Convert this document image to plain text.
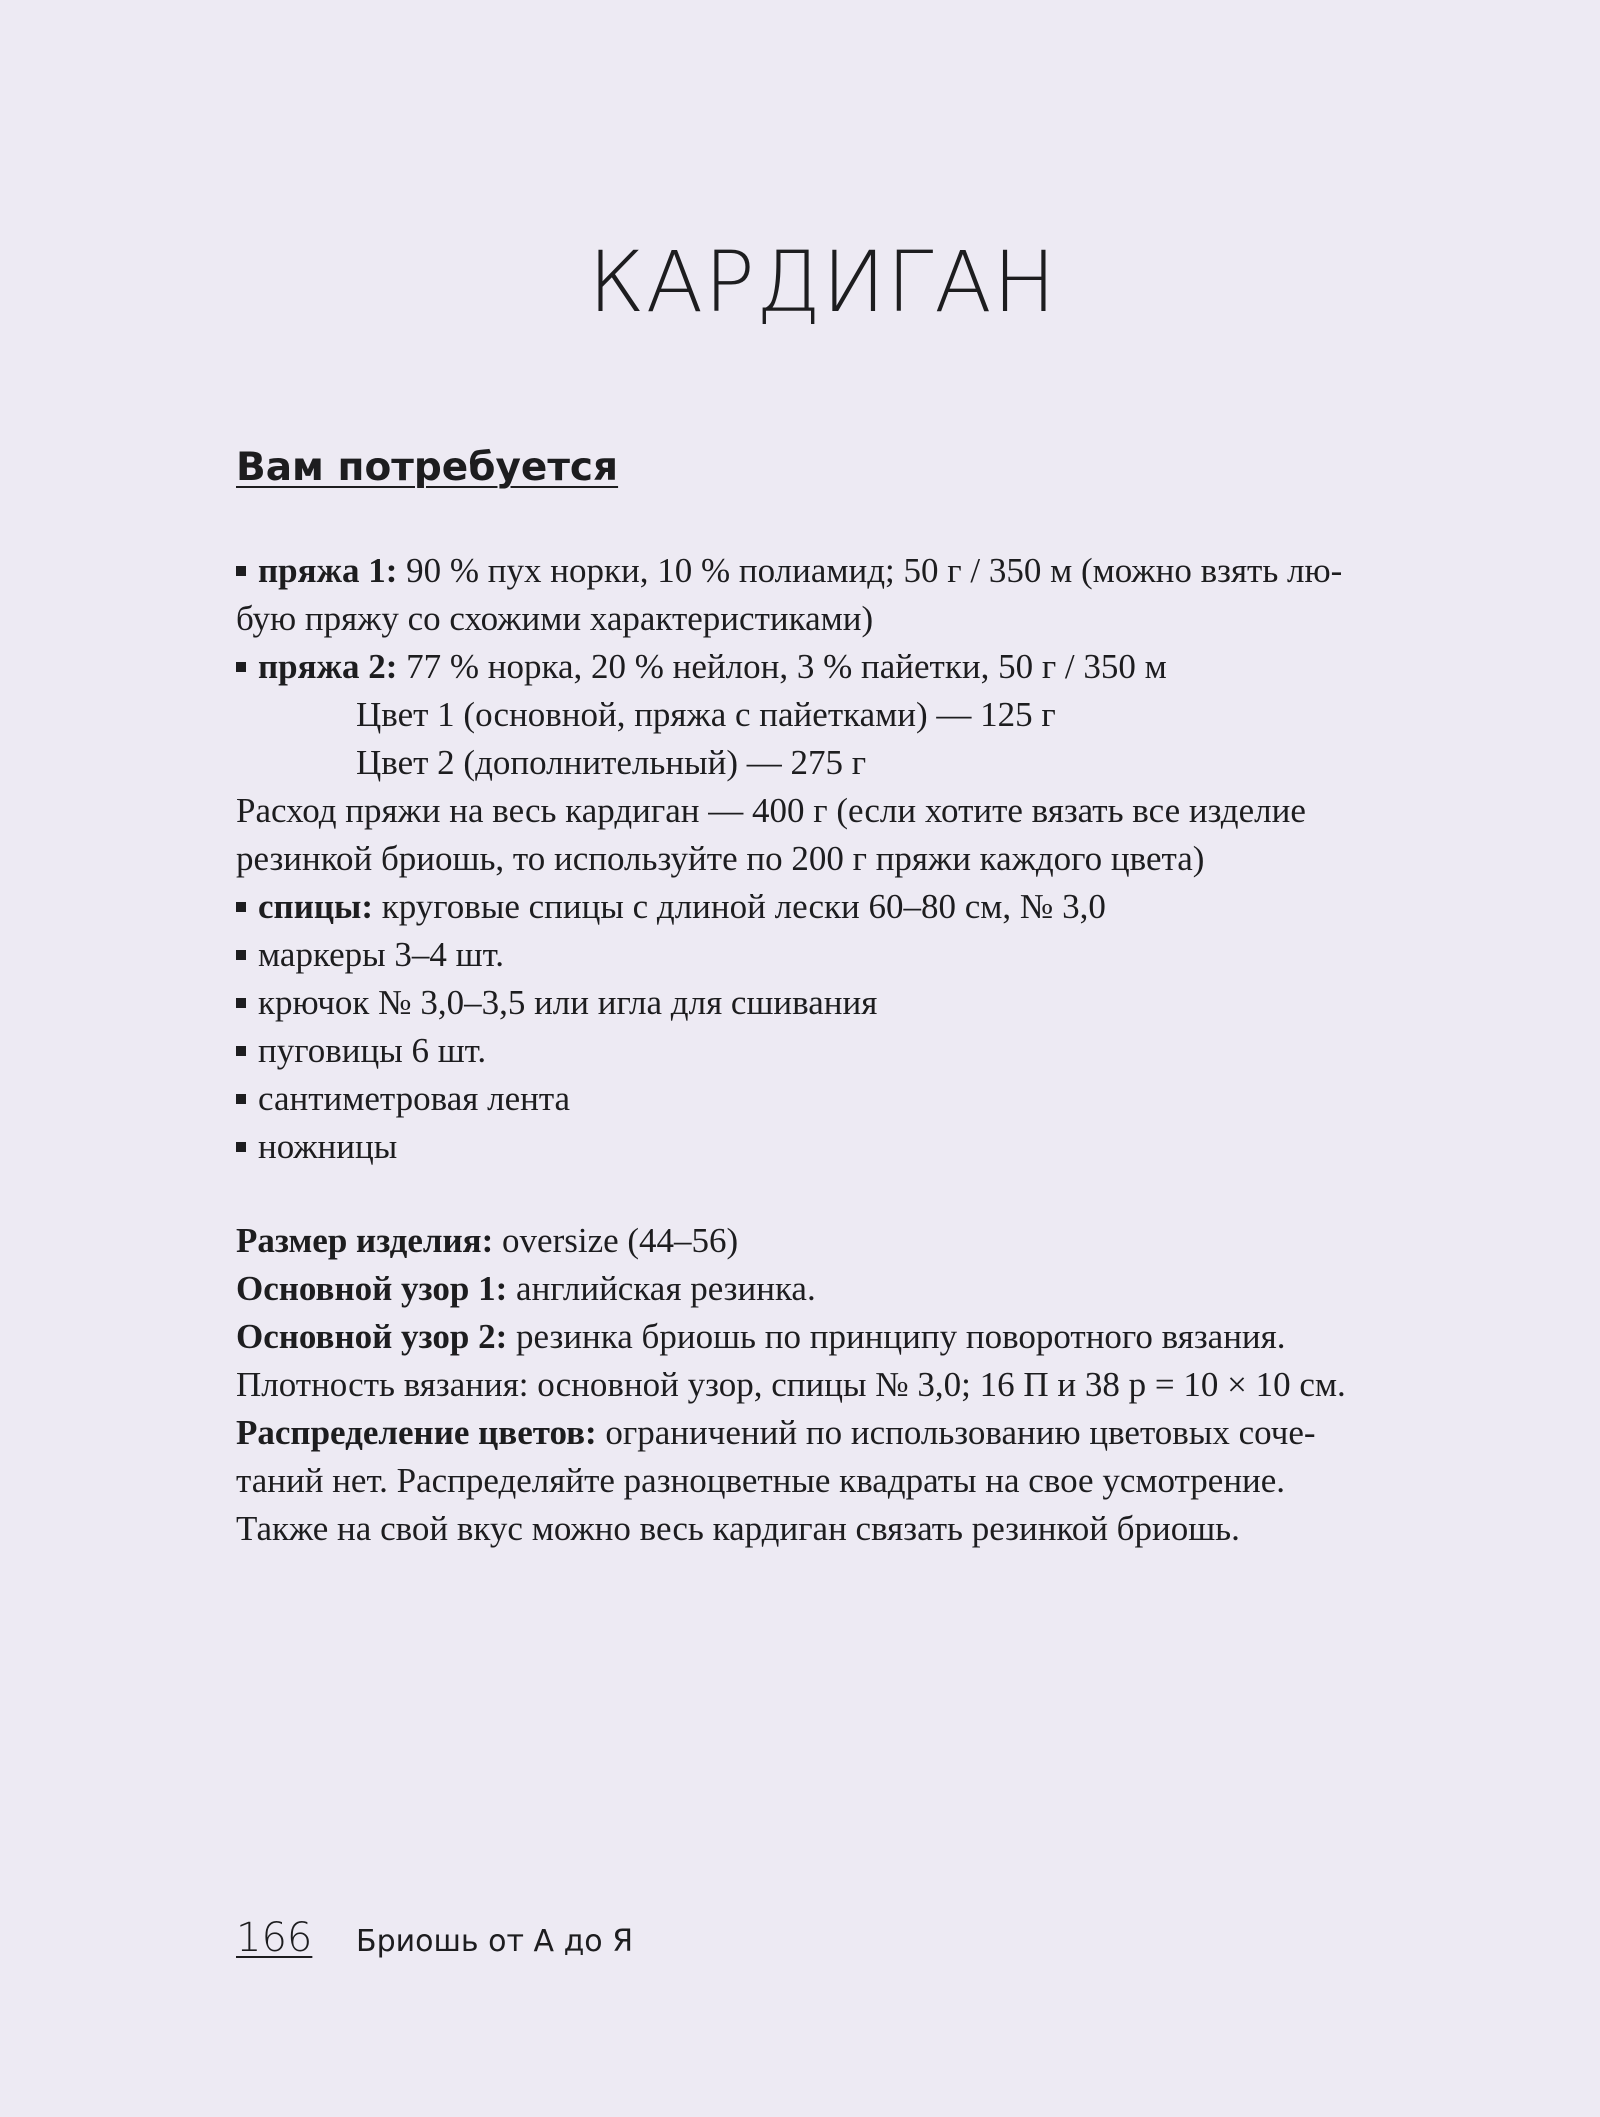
КАРДИГАН
Вам потребуется
пряжа 1: 90 % пух норки, 10 % полиамид; 50 г / 350 м (можно взять лю-
бую пряжу со схожими характеристиками)
пряжа 2: 77 % норка, 20 % нейлон, 3 % пайетки, 50 г / 350 м
Цвет 1 (основной, пряжа с пайетками) — 125 г
Цвет 2 (дополнительный) — 275 г
Расход пряжи на весь кардиган — 400 г (если хотите вязать все изделие
резинкой бриошь, то используйте по 200 г пряжи каждого цвета)
спицы: круговые спицы с длиной лески 60–80 см, № 3,0
маркеры 3–4 шт.
крючок № 3,0–3,5 или игла для сшивания
пуговицы 6 шт.
сантиметровая лента
ножницы
Размер изделия: oversize (44–56)
Основной узор 1: английская резинка.
Основной узор 2: резинка бриошь по принципу поворотного вязания.
Плотность вязания: основной узор, спицы № 3,0; 16 П и 38 р = 10 × 10 см.
Распределение цветов: ограничений по использованию цветовых соче-
таний нет. Распределяйте разноцветные квадраты на свое усмотрение.
Также на свой вкус можно весь кардиган связать резинкой бриошь.
166 Бриошь от А до Я
